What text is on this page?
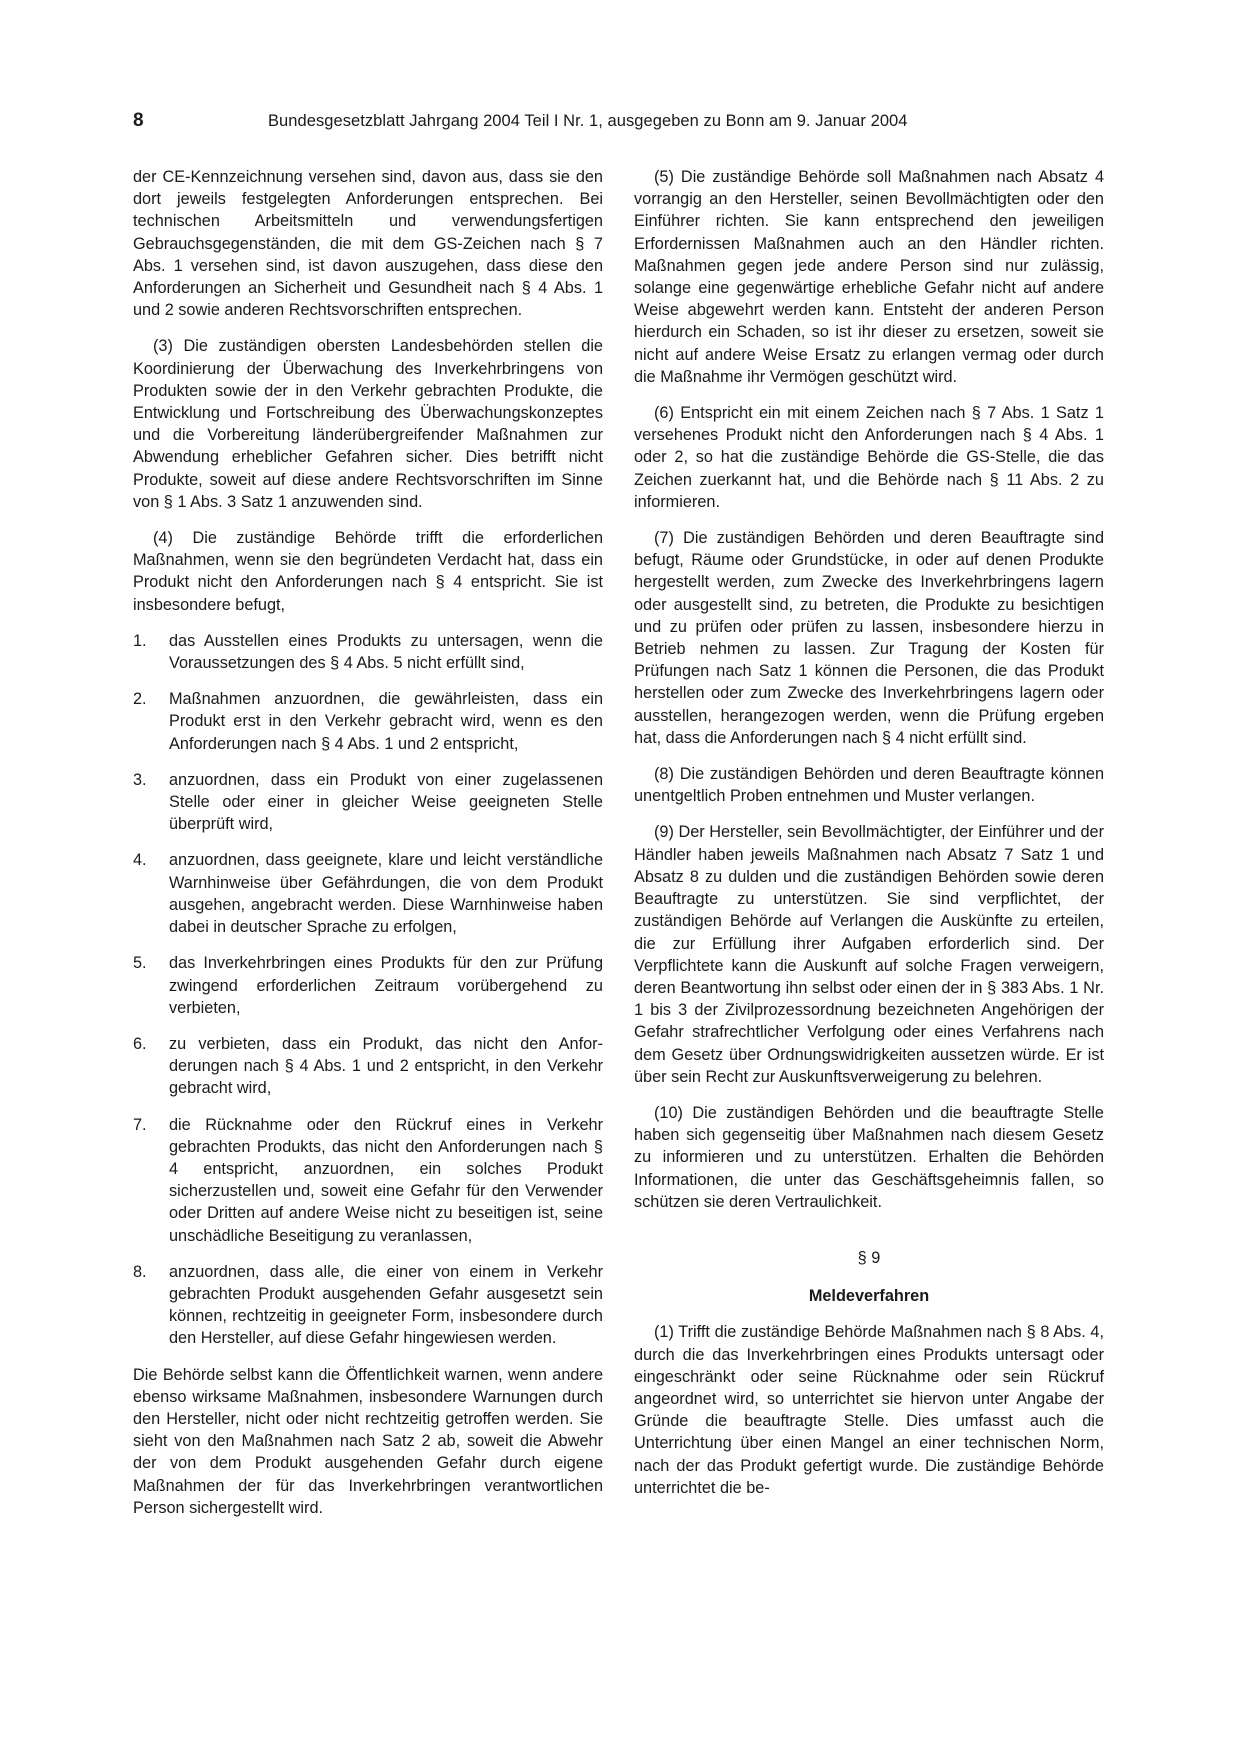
8	Bundesgesetzblatt Jahrgang 2004 Teil I Nr. 1, ausgegeben zu Bonn am 9. Januar 2004

der CE-Kennzeichnung versehen sind, davon aus, dass sie den dort jeweils festgelegten Anforderungen entsprechen. Bei technischen Arbeitsmitteln und verwendungsfertigen Gebrauchsgegenständen, die mit dem GS-Zeichen nach § 7 Abs. 1 versehen sind, ist davon auszugehen, dass diese den Anforderungen an Sicherheit und Gesundheit nach § 4 Abs. 1 und 2 sowie anderen Rechtsvorschriften entsprechen.

(3) Die zuständigen obersten Landesbehörden stellen die Koordinierung der Überwachung des Inverkehrbringens von Produkten sowie der in den Verkehr gebrachten Produkte, die Entwicklung und Fortschreibung des Überwachungskonzeptes und die Vorbereitung länderübergreifender Maßnahmen zur Abwendung erheblicher Gefahren sicher. Dies betrifft nicht Produkte, soweit auf diese andere Rechtsvorschriften im Sinne von § 1 Abs. 3 Satz 1 anzuwenden sind.

(4) Die zuständige Behörde trifft die erforderlichen Maßnahmen, wenn sie den begründeten Verdacht hat, dass ein Produkt nicht den Anforderungen nach § 4 entspricht. Sie ist insbesondere befugt,

1. das Ausstellen eines Produkts zu untersagen, wenn die Voraussetzungen des § 4 Abs. 5 nicht erfüllt sind,
2. Maßnahmen anzuordnen, die gewährleisten, dass ein Produkt erst in den Verkehr gebracht wird, wenn es den Anforderungen nach § 4 Abs. 1 und 2 entspricht,
3. anzuordnen, dass ein Produkt von einer zugelassenen Stelle oder einer in gleicher Weise geeigneten Stelle überprüft wird,
4. anzuordnen, dass geeignete, klare und leicht verständliche Warnhinweise über Gefährdungen, die von dem Produkt ausgehen, angebracht werden. Diese Warnhinweise haben dabei in deutscher Sprache zu erfolgen,
5. das Inverkehrbringen eines Produkts für den zur Prüfung zwingend erforderlichen Zeitraum vorübergehend zu verbieten,
6. zu verbieten, dass ein Produkt, das nicht den Anforderungen nach § 4 Abs. 1 und 2 entspricht, in den Verkehr gebracht wird,
7. die Rücknahme oder den Rückruf eines in Verkehr gebrachten Produkts, das nicht den Anforderungen nach § 4 entspricht, anzuordnen, ein solches Produkt sicherzustellen und, soweit eine Gefahr für den Verwender oder Dritten auf andere Weise nicht zu beseitigen ist, seine unschädliche Beseitigung zu veranlassen,
8. anzuordnen, dass alle, die einer von einem in Verkehr gebrachten Produkt ausgehenden Gefahr ausgesetzt sein können, rechtzeitig in geeigneter Form, insbesondere durch den Hersteller, auf diese Gefahr hingewiesen werden.

Die Behörde selbst kann die Öffentlichkeit warnen, wenn andere ebenso wirksame Maßnahmen, insbesondere Warnungen durch den Hersteller, nicht oder nicht rechtzeitig getroffen werden. Sie sieht von den Maßnahmen nach Satz 2 ab, soweit die Abwehr der von dem Produkt ausgehenden Gefahr durch eigene Maßnahmen der für das Inverkehrbringen verantwortlichen Person sichergestellt wird.

(5) Die zuständige Behörde soll Maßnahmen nach Absatz 4 vorrangig an den Hersteller, seinen Bevollmächtigten oder den Einführer richten. Sie kann entsprechend den jeweiligen Erfordernissen Maßnahmen auch an den Händler richten. Maßnahmen gegen jede andere Person sind nur zulässig, solange eine gegenwärtige erhebliche Gefahr nicht auf andere Weise abgewehrt werden kann. Entsteht der anderen Person hierdurch ein Schaden, so ist ihr dieser zu ersetzen, soweit sie nicht auf andere Weise Ersatz zu erlangen vermag oder durch die Maßnahme ihr Vermögen geschützt wird.

(6) Entspricht ein mit einem Zeichen nach § 7 Abs. 1 Satz 1 versehenes Produkt nicht den Anforderungen nach § 4 Abs. 1 oder 2, so hat die zuständige Behörde die GS-Stelle, die das Zeichen zuerkannt hat, und die Behörde nach § 11 Abs. 2 zu informieren.

(7) Die zuständigen Behörden und deren Beauftragte sind befugt, Räume oder Grundstücke, in oder auf denen Produkte hergestellt werden, zum Zwecke des Inverkehrbringens lagern oder ausgestellt sind, zu betreten, die Produkte zu besichtigen und zu prüfen oder prüfen zu lassen, insbesondere hierzu in Betrieb nehmen zu lassen. Zur Tragung der Kosten für Prüfungen nach Satz 1 können die Personen, die das Produkt herstellen oder zum Zwecke des Inverkehrbringens lagern oder ausstellen, herangezogen werden, wenn die Prüfung ergeben hat, dass die Anforderungen nach § 4 nicht erfüllt sind.

(8) Die zuständigen Behörden und deren Beauftragte können unentgeltlich Proben entnehmen und Muster verlangen.

(9) Der Hersteller, sein Bevollmächtigter, der Einführer und der Händler haben jeweils Maßnahmen nach Absatz 7 Satz 1 und Absatz 8 zu dulden und die zuständigen Behörden sowie deren Beauftragte zu unterstützen. Sie sind verpflichtet, der zuständigen Behörde auf Verlangen die Auskünfte zu erteilen, die zur Erfüllung ihrer Aufgaben erforderlich sind. Der Verpflichtete kann die Auskunft auf solche Fragen verweigern, deren Beantwortung ihn selbst oder einen der in § 383 Abs. 1 Nr. 1 bis 3 der Zivilprozessordnung bezeichneten Angehörigen der Gefahr strafrechtlicher Verfolgung oder eines Verfahrens nach dem Gesetz über Ordnungswidrigkeiten aussetzen würde. Er ist über sein Recht zur Auskunftsverweigerung zu belehren.

(10) Die zuständigen Behörden und die beauftragte Stelle haben sich gegenseitig über Maßnahmen nach diesem Gesetz zu informieren und zu unterstützen. Erhalten die Behörden Informationen, die unter das Geschäftsgeheimnis fallen, so schützen sie deren Vertraulichkeit.

§ 9

Meldeverfahren

(1) Trifft die zuständige Behörde Maßnahmen nach § 8 Abs. 4, durch die das Inverkehrbringen eines Produkts untersagt oder eingeschränkt oder seine Rücknahme oder sein Rückruf angeordnet wird, so unterrichtet sie hiervon unter Angabe der Gründe die beauftragte Stelle. Dies umfasst auch die Unterrichtung über einen Mangel an einer technischen Norm, nach der das Produkt gefertigt wurde. Die zuständige Behörde unterrichtet die be-
